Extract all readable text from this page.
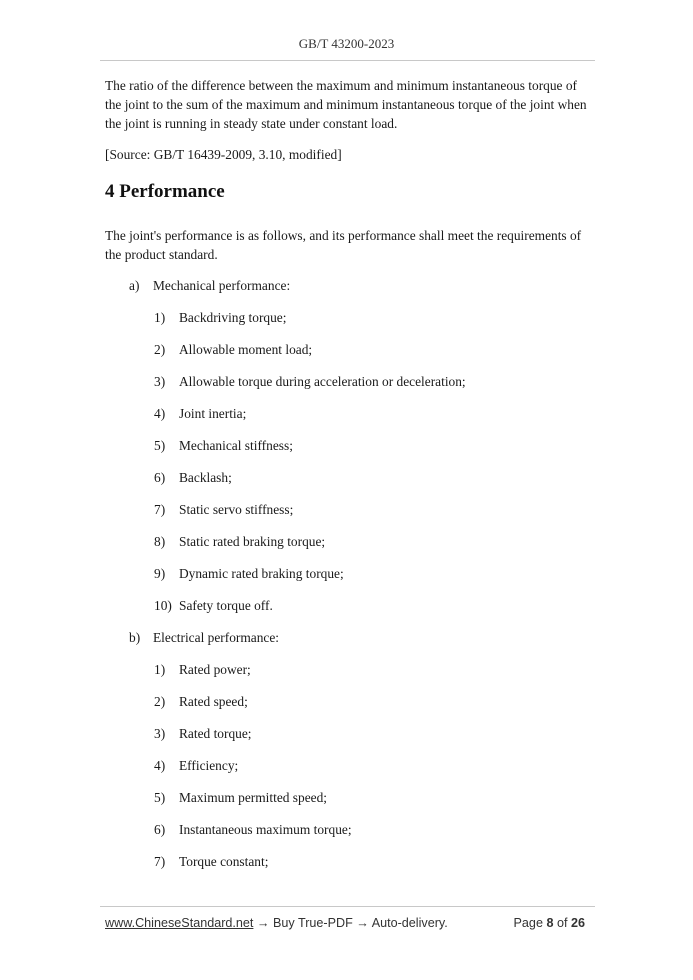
GB/T 43200-2023
The ratio of the difference between the maximum and minimum instantaneous torque of the joint to the sum of the maximum and minimum instantaneous torque of the joint when the joint is running in steady state under constant load.
[Source: GB/T 16439-2009, 3.10, modified]
4 Performance
The joint's performance is as follows, and its performance shall meet the requirements of the product standard.
a) Mechanical performance:
1) Backdriving torque;
2) Allowable moment load;
3) Allowable torque during acceleration or deceleration;
4) Joint inertia;
5) Mechanical stiffness;
6) Backlash;
7) Static servo stiffness;
8) Static rated braking torque;
9) Dynamic rated braking torque;
10) Safety torque off.
b) Electrical performance:
1) Rated power;
2) Rated speed;
3) Rated torque;
4) Efficiency;
5) Maximum permitted speed;
6) Instantaneous maximum torque;
7) Torque constant;
www.ChineseStandard.net → Buy True-PDF → Auto-delivery.	Page 8 of 26
